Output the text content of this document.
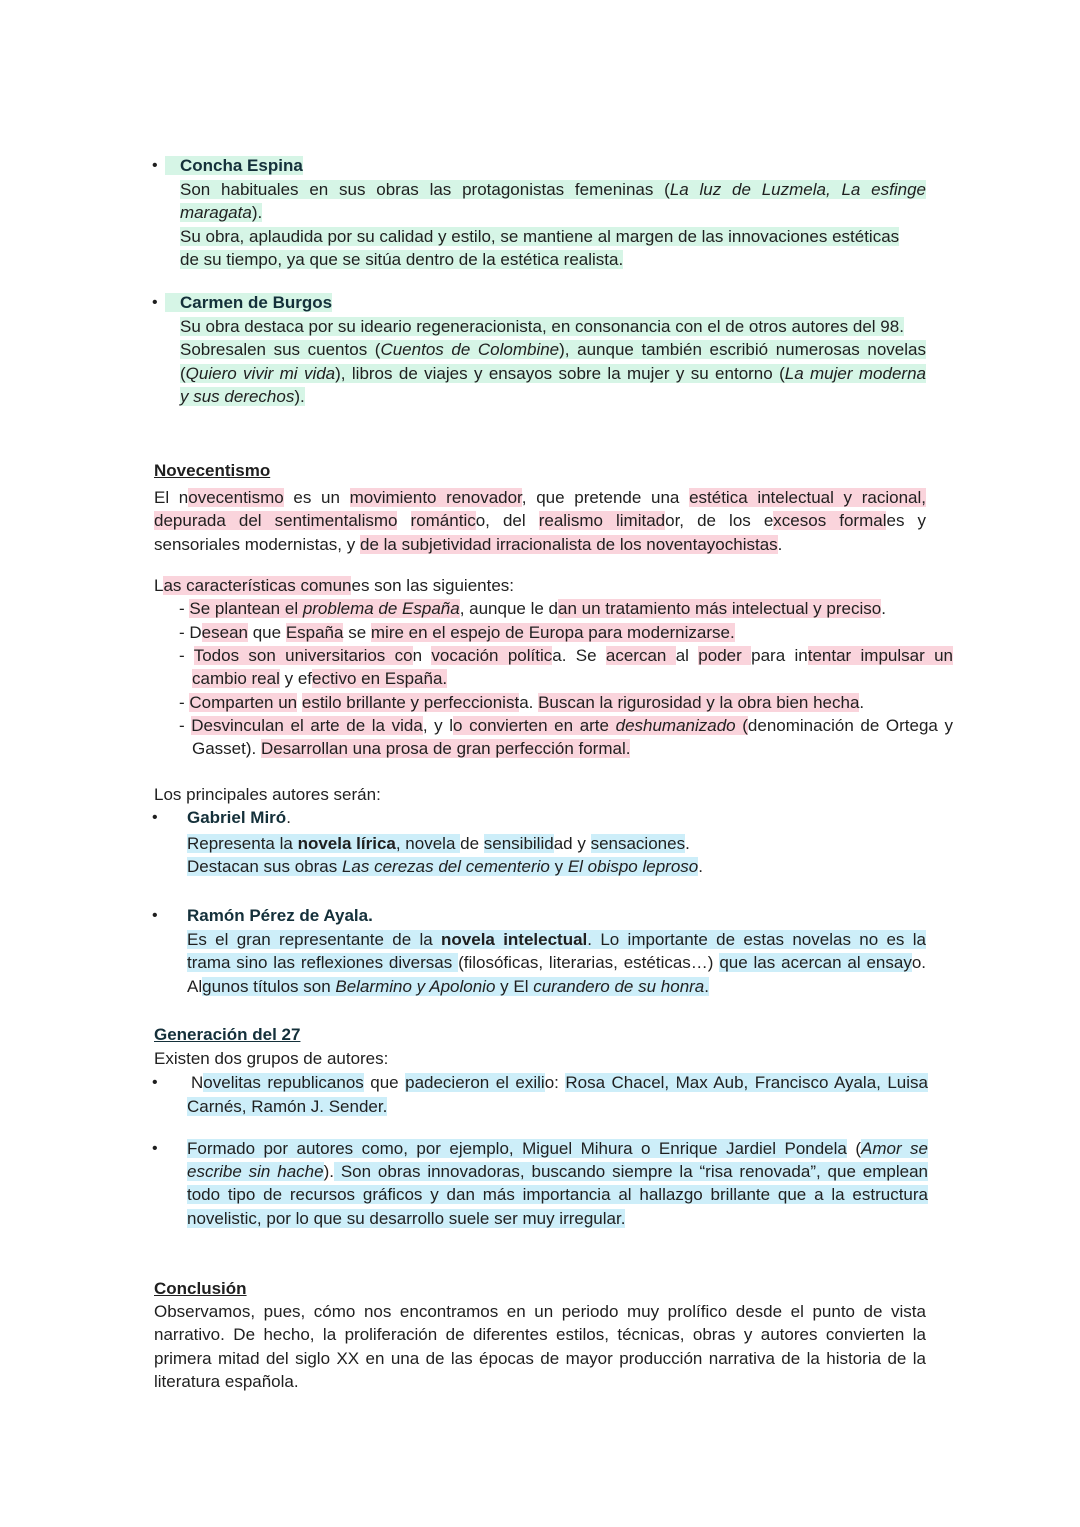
•	Concha Espina
Son habituales en sus obras las protagonistas femeninas (La luz de Luzmela, La esfinge
maragata).
Su obra, aplaudida por su calidad y estilo, se mantiene al margen de las innovaciones estéticas
de su tiempo, ya que se sitúa dentro de la estética realista.
•	Carmen de Burgos
Su obra destaca por su ideario regeneracionista, en consonancia con el de otros autores del 98.
Sobresalen sus cuentos (Cuentos de Colombine), aunque también escribió numerosas novelas
(Quiero vivir mi vida), libros de viajes y ensayos sobre la mujer y su entorno (La mujer moderna
y sus derechos).
Novecentismo
El novecentismo es un movimiento renovador, que pretende una estética intelectual y racional,
depurada del sentimentalismo romántico, del realismo limitador, de los excesos formales y
sensoriales modernistas, y de la subjetividad irracionalista de los noventayochistas.
Las características comunes son las siguientes:
- Se plantean el problema de España, aunque le dan un tratamiento más intelectual y preciso.
- Desean que España se mire en el espejo de Europa para modernizarse.
- Todos son universitarios con vocación política. Se acercan al poder para intentar impulsar un
cambio real y efectivo en España.
- Comparten un estilo brillante y perfeccionista. Buscan la rigurosidad y la obra bien hecha.
- Desvinculan el arte de la vida, y lo convierten en arte deshumanizado (denominación de Ortega y
Gasset). Desarrollan una prosa de gran perfección formal.
Los principales autores serán:
• Gabriel Miró.
Representa la novela lírica, novela de sensibilidad y sensaciones.
Destacan sus obras Las cerezas del cementerio y El obispo leproso.
• Ramón Pérez de Ayala.
Es el gran representante de la novela intelectual. Lo importante de estas novelas no es la
trama sino las reflexiones diversas (filosóficas, literarias, estéticas…) que las acercan al ensayo.
Algunos títulos son Belarmino y Apolonio y El curandero de su honra.
Generación del 27
Existen dos grupos de autores:
• Novelitas republicanos que padecieron el exilio: Rosa Chacel, Max Aub, Francisco Ayala, Luisa
Carnés, Ramón J. Sender.
• Formado por autores como, por ejemplo, Miguel Mihura o Enrique Jardiel Pondela (Amor se
escribe sin hache). Son obras innovadoras, buscando siempre la “risa renovada”, que emplean
todo tipo de recursos gráficos y dan más importancia al hallazgo brillante que a la estructura
novelistic, por lo que su desarrollo suele ser muy irregular.
Conclusión
Observamos, pues, cómo nos encontramos en un periodo muy prolífico desde el punto de vista
narrativo. De hecho, la proliferación de diferentes estilos, técnicas, obras y autores convierten la
primera mitad del siglo XX en una de las épocas de mayor producción narrativa de la historia de la
literatura española.
